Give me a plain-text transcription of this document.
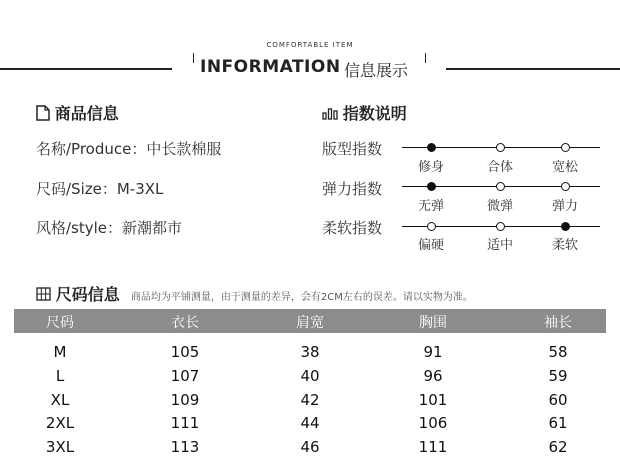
COMFORTABLE ITEM
INFORMATION 信息展示
商品信息
名称/Produce：中长款棉服
尺码/Size：M-3XL
风格/style：新潮都市
指数说明
版型指数
修身	合体	宽松
弹力指数
无弹	微弹	弹力
柔软指数
偏硬	适中	柔软
尺码信息 商品均为平铺测量，由于测量的差异，会有2CM左右的误差。请以实物为准。
尺码	衣长	肩宽	胸围	袖长
M	105	38	91	58
L	107	40	96	59
XL	109	42	101	60
2XL	111	44	106	61
3XL	113	46	111	62
